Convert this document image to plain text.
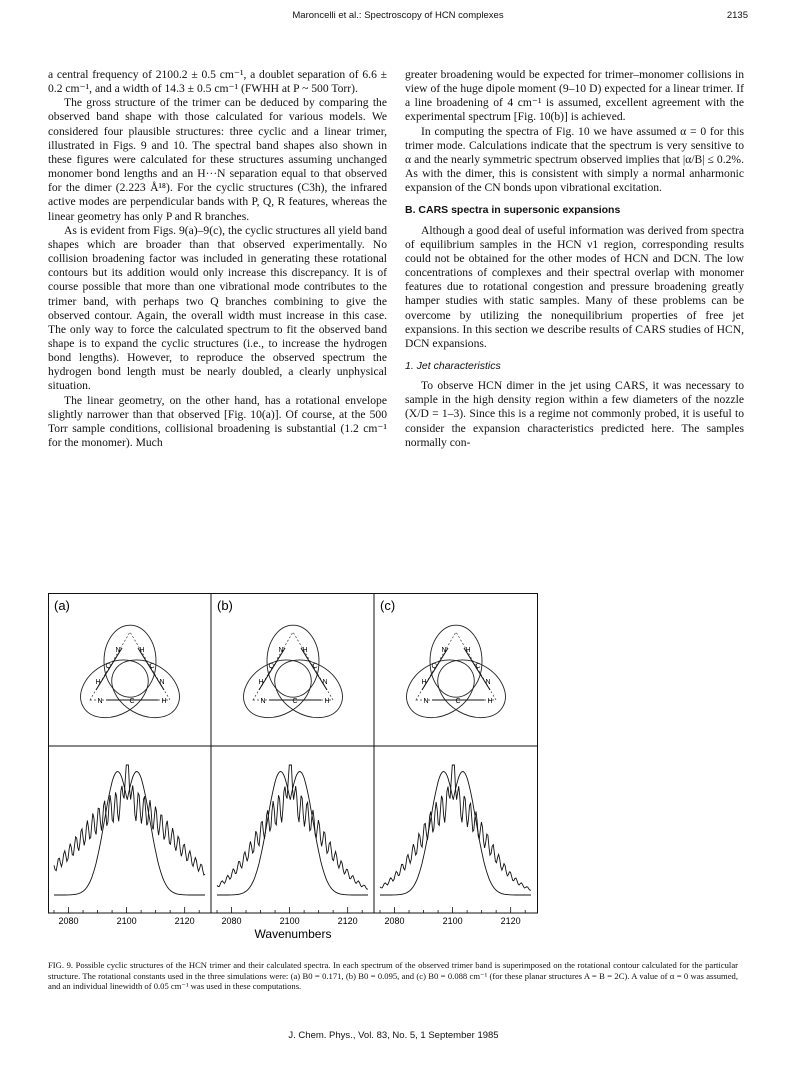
Maroncelli et al.: Spectroscopy of HCN complexes	2135

a central frequency of 2100.2 ± 0.5 cm⁻¹, a doublet separation of 6.6 ± 0.2 cm⁻¹, and a width of 14.3 ± 0.5 cm⁻¹ (FWHH at P ~ 500 Torr).

The gross structure of the trimer can be deduced by comparing the observed band shape with those calculated for various models. We considered four plausible structures: three cyclic and a linear trimer, illustrated in Figs. 9 and 10. The spectral band shapes also shown in these figures were calculated for these structures assuming unchanged monomer bond lengths and an H···N separation equal to that observed for the dimer (2.223 Å¹⁸). For the cyclic structures (C3h), the infrared active modes are perpendicular bands with P, Q, R features, whereas the linear geometry has only P and R branches.

As is evident from Figs. 9(a)–9(c), the cyclic structures all yield band shapes which are broader than that observed experimentally. No collision broadening factor was included in generating these rotational contours but its addition would only increase this discrepancy. It is of course possible that more than one vibrational mode contributes to the trimer band, with perhaps two Q branches combining to give the observed contour. Again, the overall width must increase in this case. The only way to force the calculated spectrum to fit the observed band shape is to expand the cyclic structures (i.e., to increase the hydrogen bond lengths). However, to reproduce the observed spectrum the hydrogen bond length must be nearly doubled, a clearly unphysical situation.

The linear geometry, on the other hand, has a rotational envelope slightly narrower than that observed [Fig. 10(a)]. Of course, at the 500 Torr sample conditions, collisional broadening is substantial (1.2 cm⁻¹ for the monomer). Much

greater broadening would be expected for trimer–monomer collisions in view of the huge dipole moment (9–10 D) expected for a linear trimer. If a line broadening of 4 cm⁻¹ is assumed, excellent agreement with the experimental spectrum [Fig. 10(b)] is achieved.

In computing the spectra of Fig. 10 we have assumed α = 0 for this trimer mode. Calculations indicate that the spectrum is very sensitive to α and the nearly symmetric spectrum observed implies that |α/B| ≤ 0.2%. As with the dimer, this is consistent with simply a normal anharmonic expansion of the CN bonds upon vibrational excitation.

B. CARS spectra in supersonic expansions

Although a good deal of useful information was derived from spectra of equilibrium samples in the HCN ν1 region, corresponding results could not be obtained for the other modes of HCN and DCN. The low concentrations of complexes and their spectral overlap with monomer features due to rotational congestion and pressure broadening greatly hamper studies with static samples. Many of these problems can be overcome by utilizing the nonequilibrium properties of free jet expansions. In this section we describe results of CARS studies of HCN, DCN expansions.

1. Jet characteristics

To observe HCN dimer in the jet using CARS, it was necessary to sample in the high density region within a few diameters of the nozzle (X/D = 1–3). Since this is a regime not commonly probed, it is useful to consider the expansion characteristics predicted here. The samples normally con-

(a)
N	C	H
H
C
N
N
C
H
(b)
N	C	H
H
C
N
N
C
H
(c)
N	C	H
H
C
N
N
C
H
2080	2100	2120	2080	2100	2120	2080	2100	2120
Wavenumbers
FIG. 9. Possible cyclic structures of the HCN trimer and their calculated spectra. In each spectrum of the observed trimer band is superimposed on the rotational contour calculated for the particular structure. The rotational constants used in the three simulations were: (a) B0 = 0.171, (b) B0 = 0.095, and (c) B0 = 0.088 cm⁻¹ (for these planar structures A = B = 2C). A value of α = 0 was assumed, and an individual linewidth of 0.05 cm⁻¹ was used in these computations.
J. Chem. Phys., Vol. 83, No. 5, 1 September 1985
